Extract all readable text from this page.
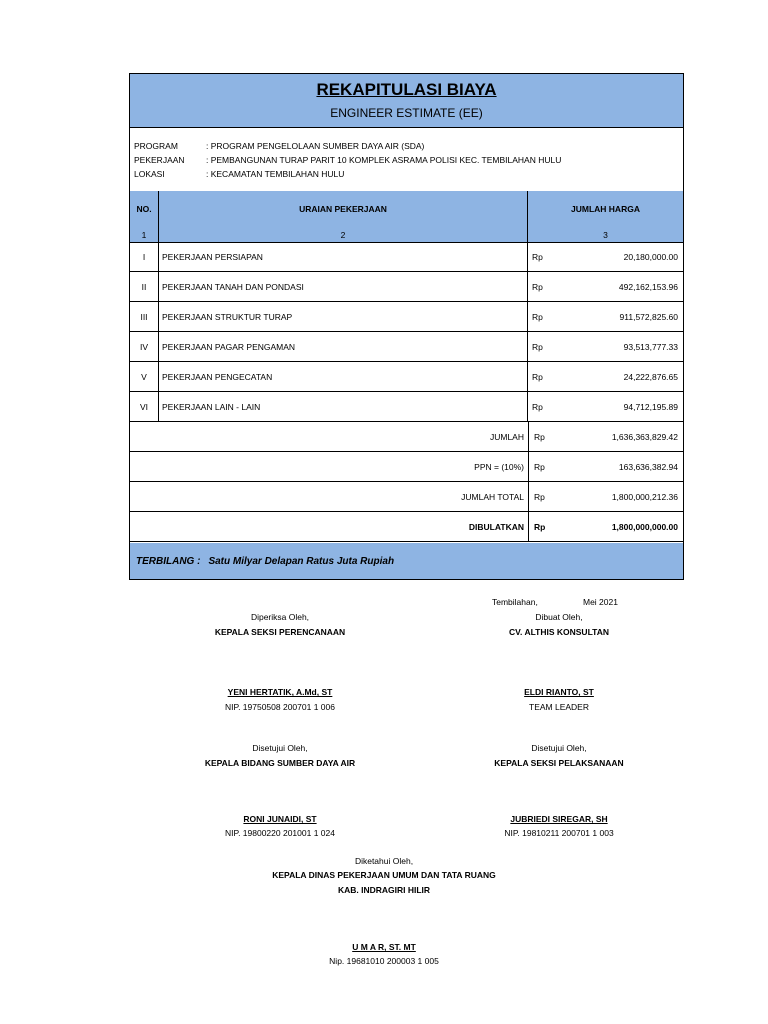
REKAPITULASI BIAYA
ENGINEER ESTIMATE (EE)
PROGRAM	: PROGRAM PENGELOLAAN SUMBER DAYA AIR (SDA)
PEKERJAAN	: PEMBANGUNAN TURAP PARIT 10 KOMPLEK ASRAMA POLISI KEC. TEMBILAHAN HULU
LOKASI	: KECAMATAN TEMBILAHAN HULU
NO.	URAIAN PEKERJAAN	JUMLAH HARGA
1	2	3
I	PEKERJAAN PERSIAPAN	Rp	20,180,000.00
II	PEKERJAAN TANAH DAN PONDASI	Rp	492,162,153.96
III	PEKERJAAN STRUKTUR TURAP	Rp	911,572,825.60
IV	PEKERJAAN PAGAR PENGAMAN	Rp	93,513,777.33
V	PEKERJAAN PENGECATAN	Rp	24,222,876.65
VI	PEKERJAAN LAIN - LAIN	Rp	94,712,195.89
JUMLAH Rp	1,636,363,829.42
PPN = (10%) Rp	163,636,382.94
JUMLAH TOTAL Rp	1,800,000,212.36
DIBULATKAN Rp	1,800,000,000.00
TERBILANG : Satu Milyar Delapan Ratus Juta Rupiah
Tembilahan,	Mei 2021
Diperiksa Oleh,
KEPALA SEKSI PERENCANAAN
YENI HERTATIK, A.Md, ST
NIP. 19750508 200701 1 006
Dibuat Oleh,
CV. ALTHIS KONSULTAN
ELDI RIANTO, ST
TEAM LEADER
Disetujui Oleh,
KEPALA BIDANG SUMBER DAYA AIR
RONI JUNAIDI, ST
NIP. 19800220 201001 1 024
Disetujui Oleh,
KEPALA SEKSI PELAKSANAAN
JUBRIEDI SIREGAR, SH
NIP. 19810211 200701 1 003
Diketahui Oleh,
KEPALA DINAS PEKERJAAN UMUM DAN TATA RUANG
KAB. INDRAGIRI HILIR
U M A R, ST. MT
Nip. 19681010 200003 1 005
